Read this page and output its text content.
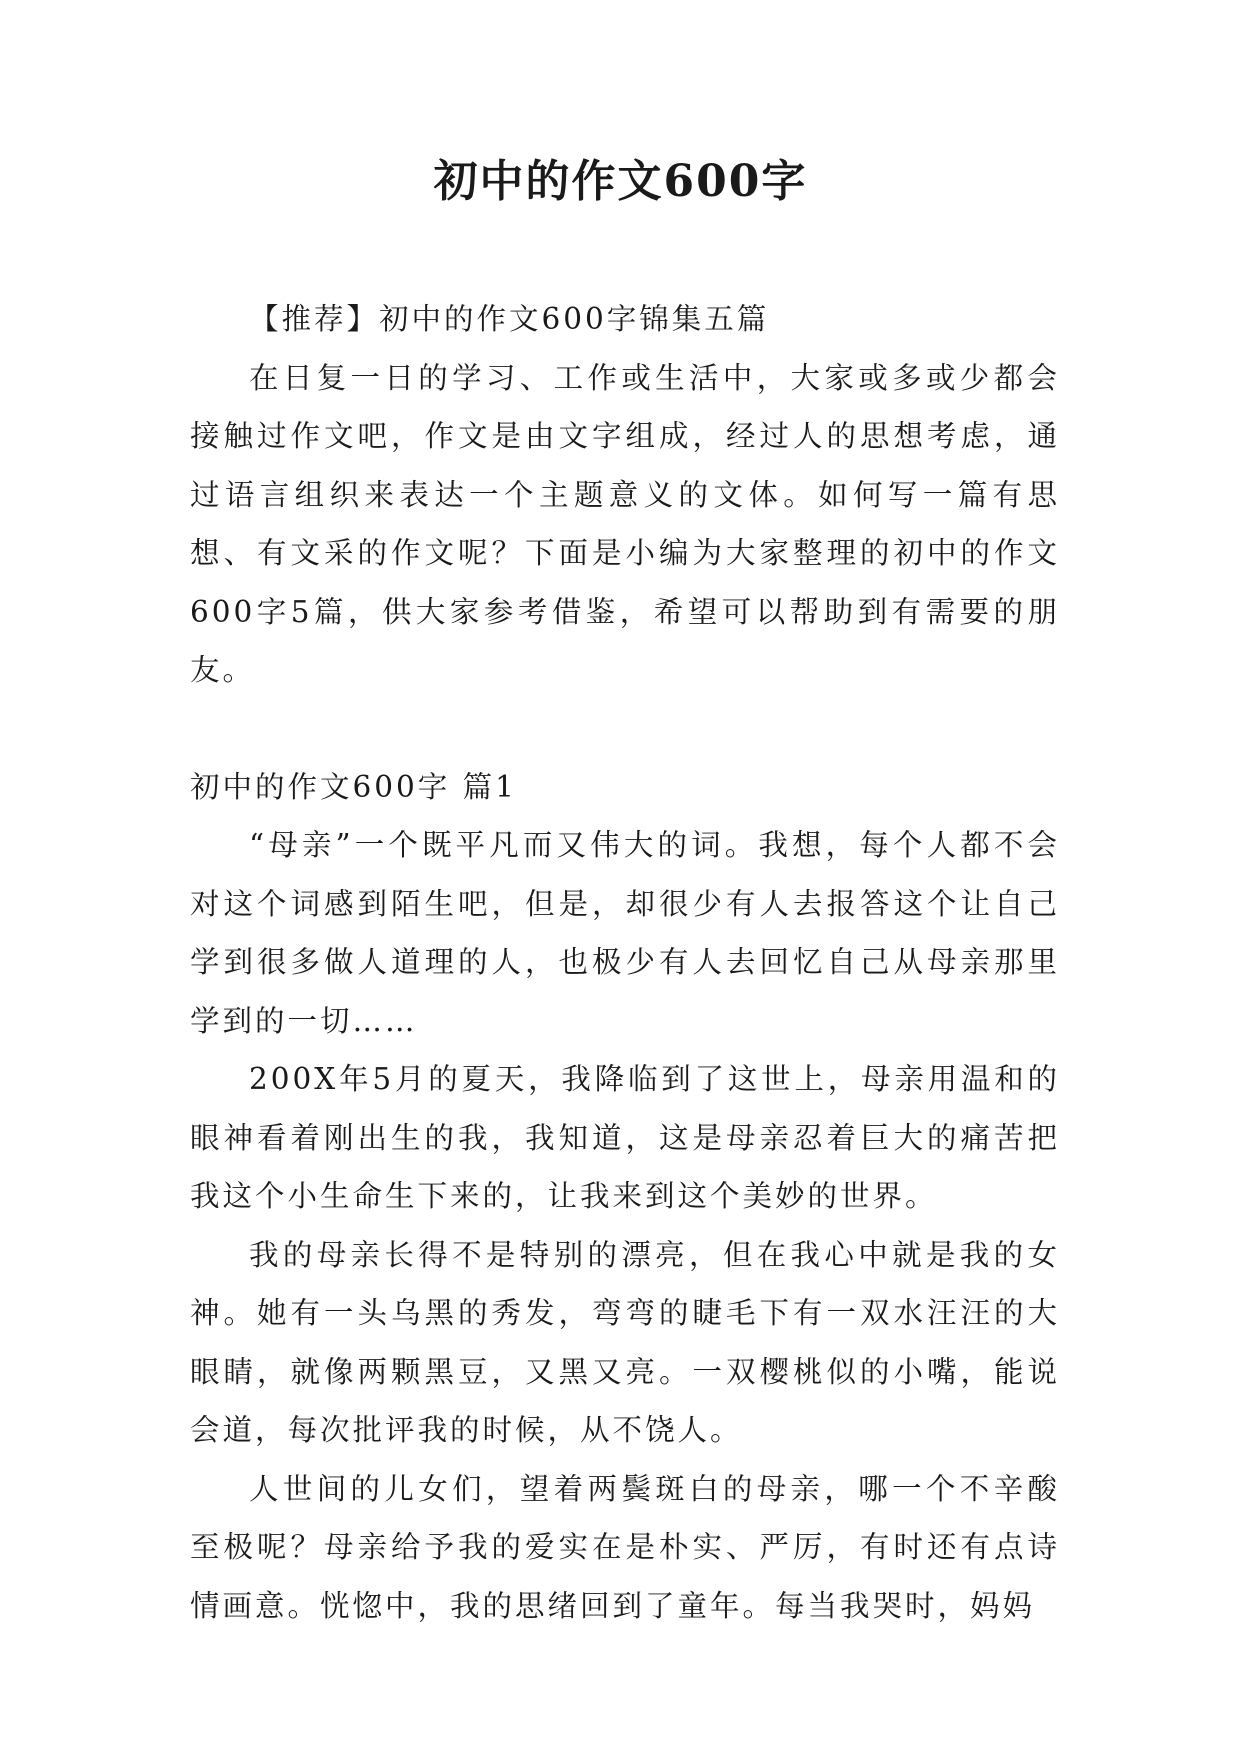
初中的作文600字

【推荐】初中的作文600字锦集五篇

在日复一日的学习、工作或生活中，大家或多或少都会接触过作文吧，作文是由文字组成，经过人的思想考虑，通过语言组织来表达一个主题意义的文体。如何写一篇有思想、有文采的作文呢？下面是小编为大家整理的初中的作文600字5篇，供大家参考借鉴，希望可以帮助到有需要的朋友。

初中的作文600字 篇1

“母亲”一个既平凡而又伟大的词。我想，每个人都不会对这个词感到陌生吧，但是，却很少有人去报答这个让自己学到很多做人道理的人，也极少有人去回忆自己从母亲那里学到的一切……

200X年5月的夏天，我降临到了这世上，母亲用温和的眼神看着刚出生的我，我知道，这是母亲忍着巨大的痛苦把我这个小生命生下来的，让我来到这个美妙的世界。

我的母亲长得不是特别的漂亮，但在我心中就是我的女神。她有一头乌黑的秀发，弯弯的睫毛下有一双水汪汪的大眼睛，就像两颗黑豆，又黑又亮。一双樱桃似的小嘴，能说会道，每次批评我的时候，从不饶人。

人世间的儿女们，望着两鬓斑白的母亲，哪一个不辛酸至极呢？母亲给予我的爱实在是朴实、严厉，有时还有点诗情画意。恍惚中，我的思绪回到了童年。每当我哭时，妈妈
